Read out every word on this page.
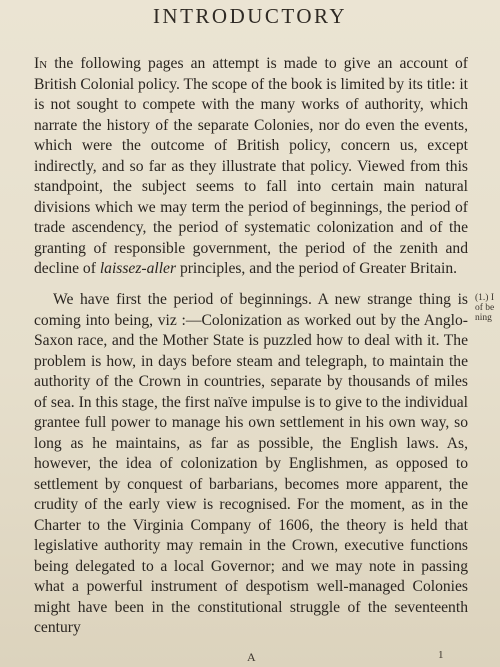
INTRODUCTORY
In the following pages an attempt is made to give an account of British Colonial policy. The scope of the book is limited by its title: it is not sought to compete with the many works of authority, which narrate the history of the separate Colonies, nor do even the events, which were the outcome of British policy, concern us, except indirectly, and so far as they illustrate that policy. Viewed from this standpoint, the subject seems to fall into certain main natural divisions which we may term the period of beginnings, the period of trade ascendency, the period of systematic colonization and of the granting of responsible government, the period of the zenith and decline of laissez-aller principles, and the period of Greater Britain.
We have first the period of beginnings. A new strange thing is coming into being, viz :—Colonization as worked out by the Anglo-Saxon race, and the Mother State is puzzled how to deal with it. The problem is how, in days before steam and telegraph, to maintain the authority of the Crown in countries, separate by thousands of miles of sea. In this stage, the first naïve impulse is to give to the individual grantee full power to manage his own settlement in his own way, so long as he maintains, as far as possible, the English laws. As, however, the idea of colonization by Englishmen, as opposed to settlement by conquest of barbarians, becomes more apparent, the crudity of the early view is recognised. For the moment, as in the Charter to the Virginia Company of 1606, the theory is held that legislative authority may remain in the Crown, executive functions being delegated to a local Governor; and we may note in passing what a powerful instrument of despotism well-managed Colonies might have been in the constitutional struggle of the seventeenth century
(1.) I
of be
ning
A	1
